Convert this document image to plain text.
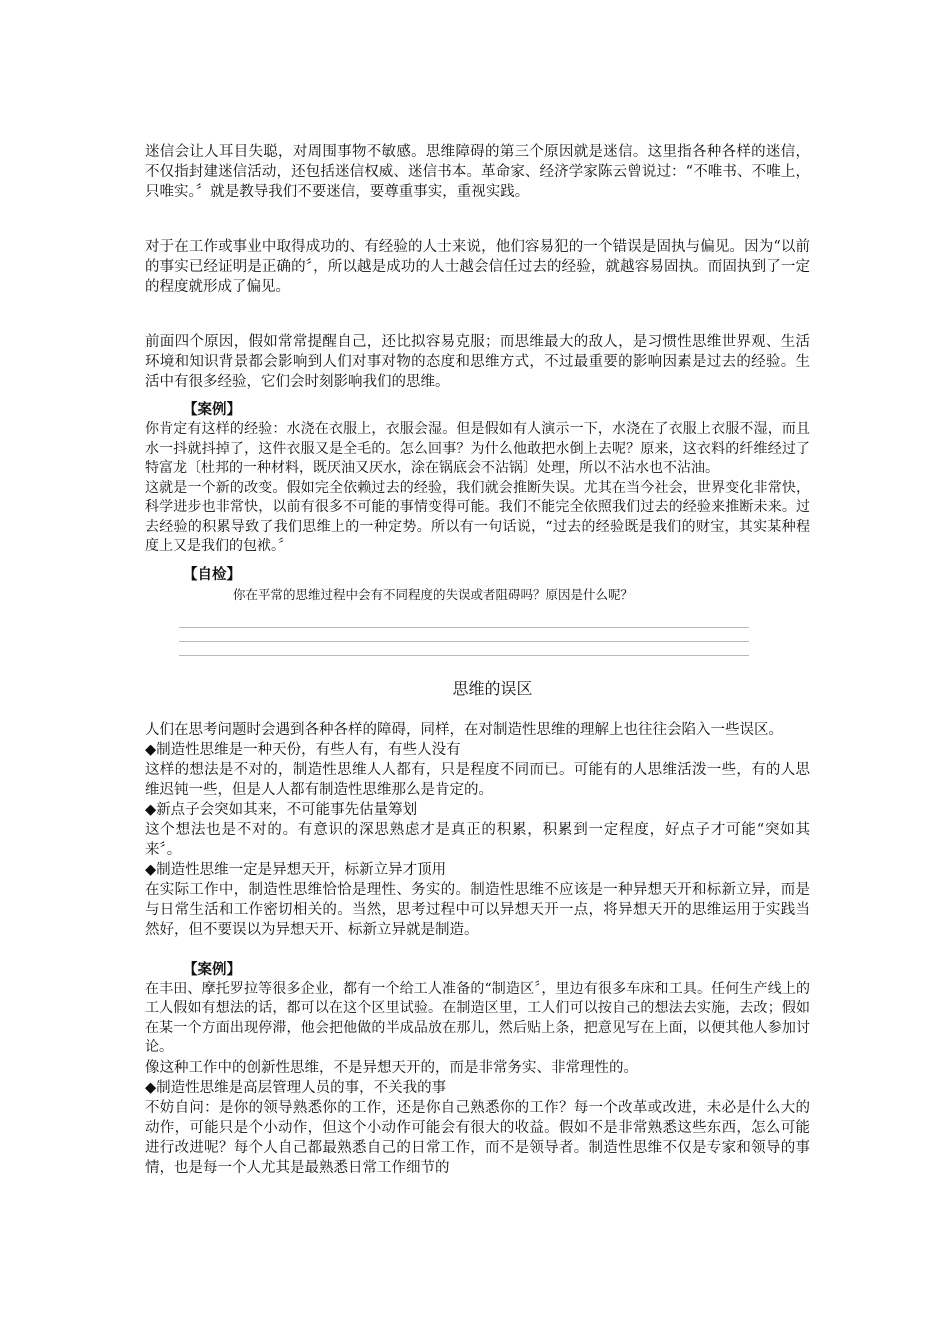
迷信会让人耳目失聪，对周围事物不敏感。思维障碍的第三个原因就是迷信。这里指各种各样的迷信，不仅指封建迷信活动，还包括迷信权威、迷信书本。革命家、经济学家陈云曾说过：“不唯书、不唯上，只唯实。〞就是教导我们不要迷信，要尊重事实，重视实践。

对于在工作或事业中取得成功的、有经验的人士来说，他们容易犯的一个错误是固执与偏见。因为“以前的事实已经证明是正确的〞，所以越是成功的人士越会信任过去的经验，就越容易固执。而固执到了一定的程度就形成了偏见。

前面四个原因，假如常常提醒自己，还比拟容易克服；而思维最大的敌人，是习惯性思维世界观、生活环境和知识背景都会影响到人们对事对物的态度和思维方式，不过最重要的影响因素是过去的经验。生活中有很多经验，它们会时刻影响我们的思维。

【案例】

你肯定有这样的经验：水浇在衣服上，衣服会湿。但是假如有人演示一下，水浇在了衣服上衣服不湿，而且水一抖就抖掉了，这件衣服又是全毛的。怎么回事？为什么他敢把水倒上去呢？原来，这衣料的纤维经过了特富龙〔杜邦的一种材料，既厌油又厌水，涂在锅底会不沾锅〕处理，所以不沾水也不沾油。

这就是一个新的改变。假如完全依赖过去的经验，我们就会推断失误。尤其在当今社会，世界变化非常快，科学进步也非常快，以前有很多不可能的事情变得可能。我们不能完全依照我们过去的经验来推断未来。过去经验的积累导致了我们思维上的一种定势。所以有一句话说，“过去的经验既是我们的财宝，其实某种程度上又是我们的包袱。〞

【自检】
你在平常的思维过程中会有不同程度的失误或者阻碍吗？原因是什么呢？
思维的误区

人们在思考问题时会遇到各种各样的障碍，同样，在对制造性思维的理解上也往往会陷入一些误区。

◆制造性思维是一种天份，有些人有，有些人没有

这样的想法是不对的，制造性思维人人都有，只是程度不同而已。可能有的人思维活泼一些，有的人思维迟钝一些，但是人人都有制造性思维那么是肯定的。

◆新点子会突如其来，不可能事先估量筹划

这个想法也是不对的。有意识的深思熟虑才是真正的积累，积累到一定程度，好点子才可能“突如其来〞。

◆制造性思维一定是异想天开，标新立异才顶用

在实际工作中，制造性思维恰恰是理性、务实的。制造性思维不应该是一种异想天开和标新立异，而是与日常生活和工作密切相关的。当然，思考过程中可以异想天开一点，将异想天开的思维运用于实践当然好，但不要误以为异想天开、标新立异就是制造。

【案例】

在丰田、摩托罗拉等很多企业，都有一个给工人准备的“制造区〞，里边有很多车床和工具。任何生产线上的工人假如有想法的话，都可以在这个区里试验。在制造区里，工人们可以按自己的想法去实施，去改；假如在某一个方面出现停滞，他会把他做的半成品放在那儿，然后贴上条，把意见写在上面，以便其他人参加讨论。

像这种工作中的创新性思维，不是异想天开的，而是非常务实、非常理性的。

◆制造性思维是高层管理人员的事，不关我的事

不妨自问：是你的领导熟悉你的工作，还是你自己熟悉你的工作？每一个改革或改进，未必是什么大的动作，可能只是个小动作，但这个小动作可能会有很大的收益。假如不是非常熟悉这些东西，怎么可能进行改进呢？每个人自己都最熟悉自己的日常工作，而不是领导者。制造性思维不仅是专家和领导的事情，也是每一个人尤其是最熟悉日常工作细节的
